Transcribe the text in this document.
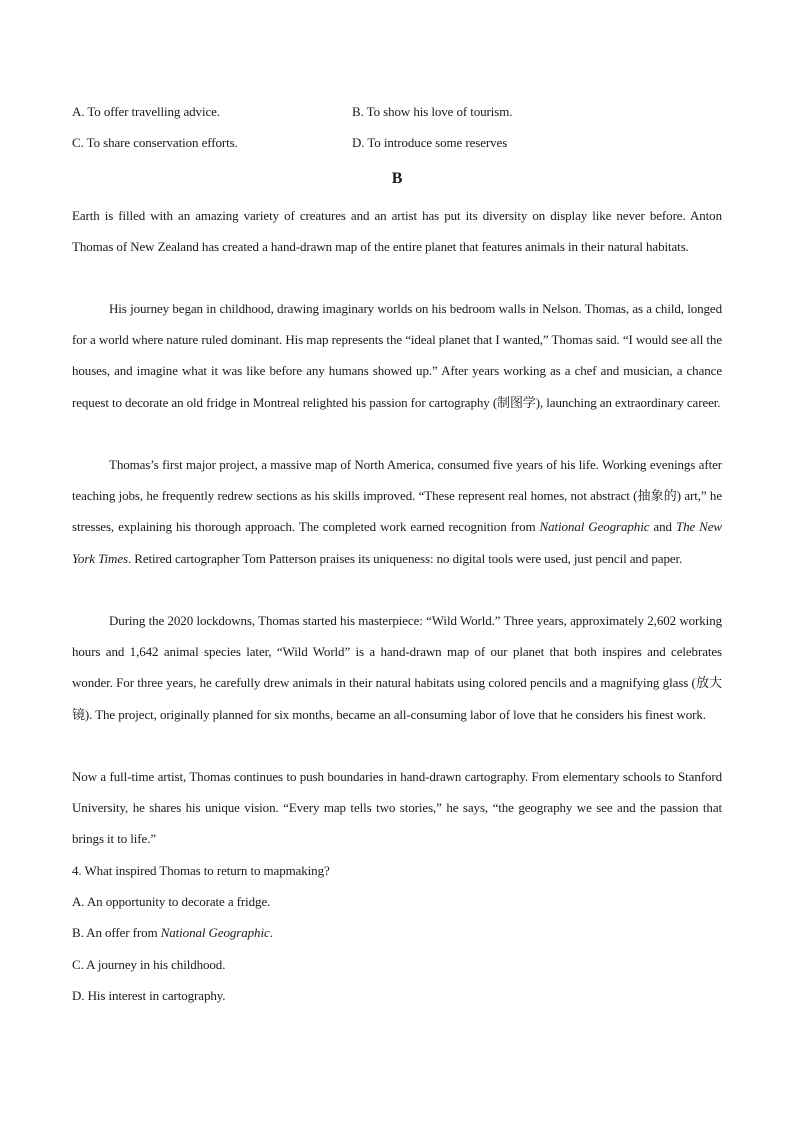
A. To offer travelling advice.	B. To show his love of tourism.
C. To share conservation efforts.	D. To introduce some reserves
B

Earth is filled with an amazing variety of creatures and an artist has put its diversity on display like never before. Anton Thomas of New Zealand has created a hand-drawn map of the entire planet that features animals in their natural habitats.

His journey began in childhood, drawing imaginary worlds on his bedroom walls in Nelson. Thomas, as a child, longed for a world where nature ruled dominant. His map represents the “ideal planet that I wanted,” Thomas said. “I would see all the houses, and imagine what it was like before any humans showed up.” After years working as a chef and musician, a chance request to decorate an old fridge in Montreal relighted his passion for cartography (制图学), launching an extraordinary career.

Thomas’s first major project, a massive map of North America, consumed five years of his life. Working evenings after teaching jobs, he frequently redrew sections as his skills improved. “These represent real homes, not abstract (抽象的) art,” he stresses, explaining his thorough approach. The completed work earned recognition from National Geographic and The New York Times. Retired cartographer Tom Patterson praises its uniqueness: no digital tools were used, just pencil and paper.

During the 2020 lockdowns, Thomas started his masterpiece: “Wild World.” Three years, approximately 2,602 working hours and 1,642 animal species later, “Wild World” is a hand-drawn map of our planet that both inspires and celebrates wonder. For three years, he carefully drew animals in their natural habitats using colored pencils and a magnifying glass (放大镜). The project, originally planned for six months, became an all-consuming labor of love that he considers his finest work.

Now a full-time artist, Thomas continues to push boundaries in hand-drawn cartography. From elementary schools to Stanford University, he shares his unique vision. “Every map tells two stories,” he says, “the geography we see and the passion that brings it to life.”

4. What inspired Thomas to return to mapmaking?
A. An opportunity to decorate a fridge.
B. An offer from National Geographic.
C. A journey in his childhood.
D. His interest in cartography.
